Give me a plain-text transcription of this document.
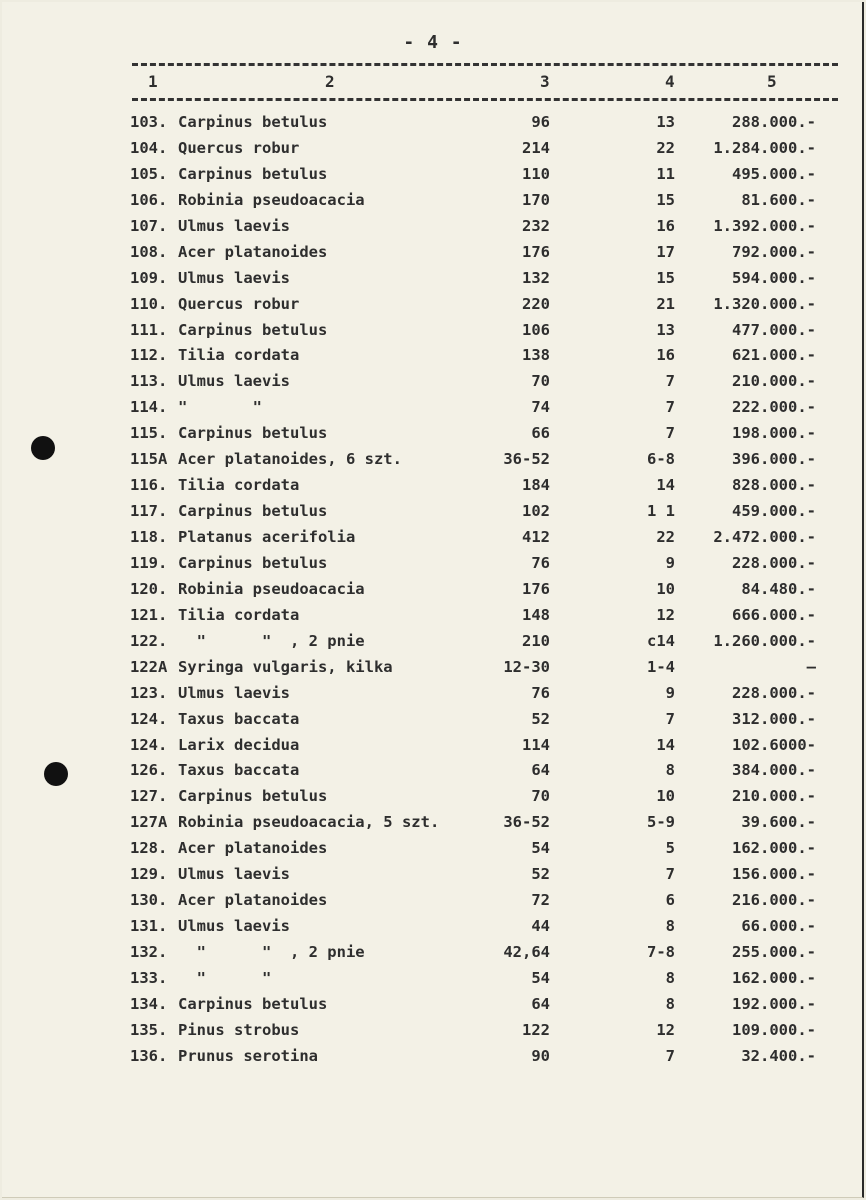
- 4 -
1	2	3	4	5
103. Carpinus betulus	96	13	288.000.-
104. Quercus robur	214	22 1.284.000.-
105. Carpinus betulus	110	11	495.000.-
106. Robinia pseudoacacia	170	15	81.600.-
107. Ulmus laevis	232	16 1.392.000.-
108. Acer platanoides	176	17	792.000.-
109. Ulmus laevis	132	15	594.000.-
110. Quercus robur	220	21 1.320.000.-
111. Carpinus betulus	106	13	477.000.-
112. Tilia cordata	138	16	621.000.-
113. Ulmus laevis	70	7	210.000.-
114. "       "	74	7	222.000.-
115. Carpinus betulus	66	7	198.000.-
115A Acer platanoides, 6 szt.	36-52	6-8	396.000.-
116. Tilia cordata	184	14	828.000.-
117. Carpinus betulus	102	1 1	459.000.-
118. Platanus acerifolia	412	22 2.472.000.-
119. Carpinus betulus	76	9	228.000.-
120. Robinia pseudoacacia	176	10	84.480.-
121. Tilia cordata	148	12	666.000.-
122. "      "  , 2 pnie	210	c14 1.260.000.-
122A Syringa vulgaris, kilka	12-30	1-4	—
123. Ulmus laevis	76	9	228.000.-
124. Taxus baccata	52	7	312.000.-
124. Larix decidua	114	14	102.6000-
126. Taxus baccata	64	8	384.000.-
127. Carpinus betulus	70	10	210.000.-
127A Robinia pseudoacacia, 5 szt.	36-52	5-9	39.600.-
128. Acer platanoides	54	5	162.000.-
129. Ulmus laevis	52	7	156.000.-
130. Acer platanoides	72	6	216.000.-
131. Ulmus laevis	44	8	66.000.-
132. "      "  , 2 pnie	42,64	7-8	255.000.-
133. "      "	54	8	162.000.-
134. Carpinus betulus	64	8	192.000.-
135. Pinus strobus	122	12	109.000.-
136. Prunus serotina	90	7	32.400.-
